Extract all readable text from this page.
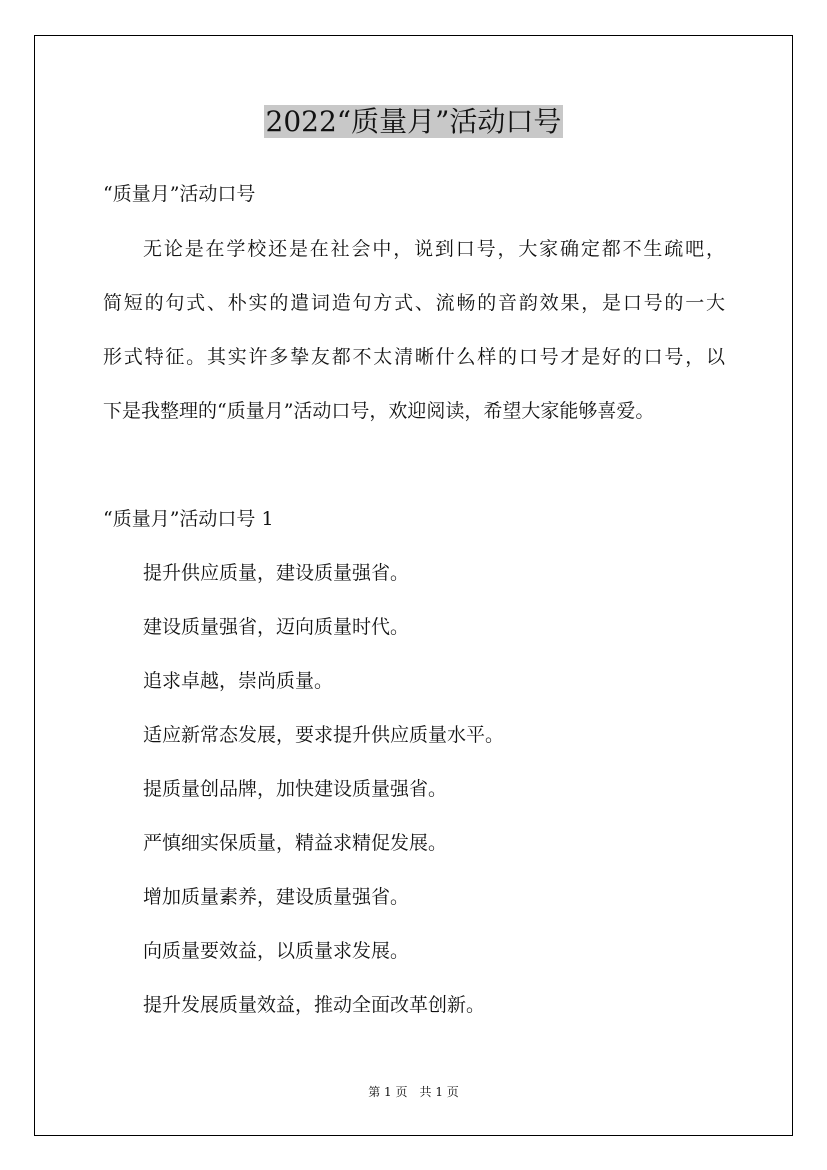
2022“质量月”活动口号

“质量月”活动口号

无论是在学校还是在社会中，说到口号，大家确定都不生疏吧，

简短的句式、朴实的遣词造句方式、流畅的音韵效果，是口号的一大

形式特征。其实许多挚友都不太清晰什么样的口号才是好的口号，以

下是我整理的“质量月”活动口号，欢迎阅读，希望大家能够喜爱。

“质量月”活动口号 1

提升供应质量，建设质量强省。

建设质量强省，迈向质量时代。

追求卓越，崇尚质量。

适应新常态发展，要求提升供应质量水平。

提质量创品牌，加快建设质量强省。

严慎细实保质量，精益求精促发展。

增加质量素养，建设质量强省。

向质量要效益，以质量求发展。

提升发展质量效益，推动全面改革创新。

第 1 页　共 1 页
